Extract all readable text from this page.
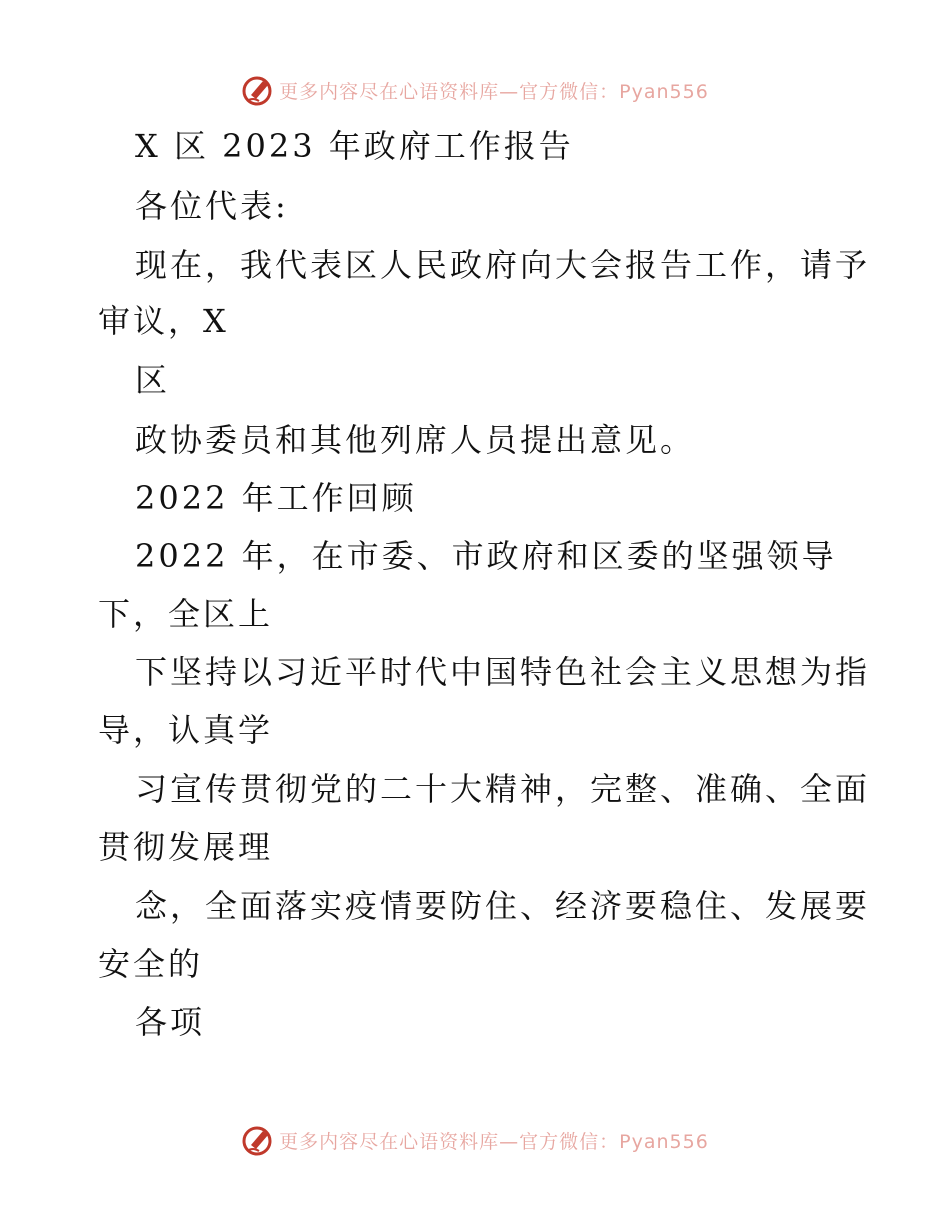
更多内容尽在心语资料库—官方微信：Pyan556
X 区 2023 年政府工作报告
各位代表:
现在，我代表区人民政府向大会报告工作，请予
审议，X
区
政协委员和其他列席人员提出意见。
2022 年工作回顾
2022 年，在市委、市政府和区委的坚强领导
下，全区上
下坚持以习近平时代中国特色社会主义思想为指
导，认真学
习宣传贯彻党的二十大精神，完整、准确、全面
贯彻发展理
念，全面落实疫情要防住、经济要稳住、发展要
安全的
各项
更多内容尽在心语资料库—官方微信：Pyan556
